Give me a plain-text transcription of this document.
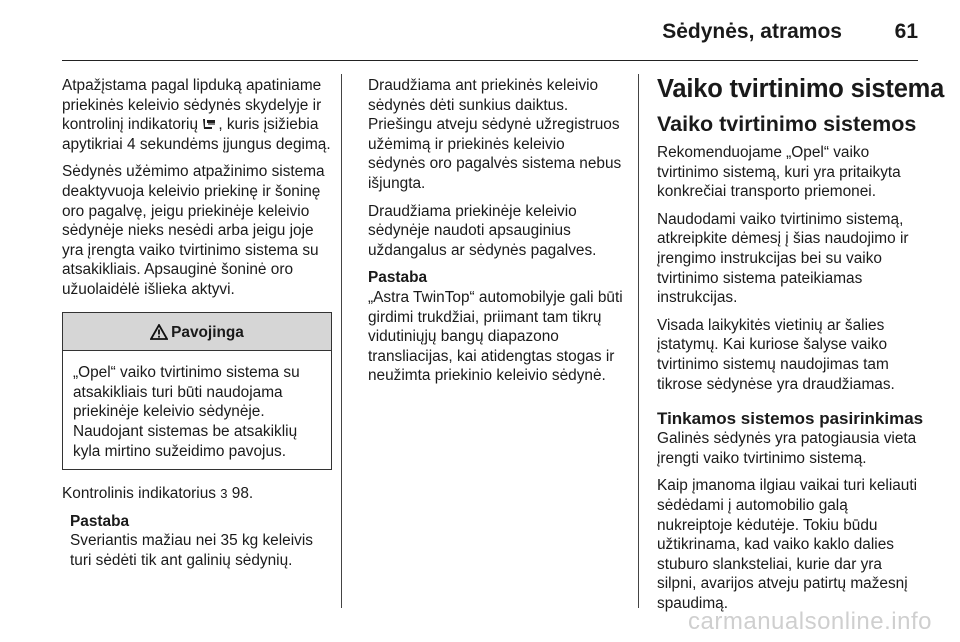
Sėdynės, atramos	61

Atpažįstama pagal lipduką apatiniame priekinės keleivio sėdynės skydelyje ir kontrolinį indikatorių , kuris įsižiebia apytikriai 4 sekundėms įjungus degimą.

Sėdynės užėmimo atpažinimo sistema deaktyvuoja keleivio priekinę ir šoninę oro pagalvę, jeigu priekinėje keleivio sėdynėje nieks nesėdi arba jeigu joje yra įrengta vaiko tvirtinimo sistema su atsakikliais. Apsauginė šoninė oro užuolaidėlė išlieka aktyvi.

Pavojinga
„Opel“ vaiko tvirtinimo sistema su atsakikliais turi būti naudojama priekinėje keleivio sėdynėje. Naudojant sistemas be atsakiklių kyla mirtino sužeidimo pavojus.

Kontrolinis indikatorius 3 98.

Pastaba
Sveriantis mažiau nei 35 kg keleivis turi sėdėti tik ant galinių sėdynių.

Draudžiama ant priekinės keleivio sėdynės dėti sunkius daiktus. Priešingu atveju sėdynė užregistruos užėmimą ir priekinės keleivio sėdynės oro pagalvės sistema nebus išjungta.

Draudžiama priekinėje keleivio sėdynėje naudoti apsauginius uždangalus ar sėdynės pagalves.

Pastaba
„Astra TwinTop“ automobilyje gali būti girdimi trukdžiai, priimant tam tikrų vidutiniųjų bangų diapazono transliacijas, kai atidengtas stogas ir neužimta priekinio keleivio sėdynė.
Vaiko tvirtinimo sistema
Vaiko tvirtinimo sistemos

Rekomenduojame „Opel“ vaiko tvirtinimo sistemą, kuri yra pritaikyta konkrečiai transporto priemonei.

Naudodami vaiko tvirtinimo sistemą, atkreipkite dėmesį į šias naudojimo ir įrengimo instrukcijas bei su vaiko tvirtinimo sistema pateikiamas instrukcijas.

Visada laikykitės vietinių ar šalies įstatymų. Kai kuriose šalyse vaiko tvirtinimo sistemų naudojimas tam tikrose sėdynėse yra draudžiamas.

Tinkamos sistemos pasirinkimas

Galinės sėdynės yra patogiausia vieta įrengti vaiko tvirtinimo sistemą.

Kaip įmanoma ilgiau vaikai turi keliauti sėdėdami į automobilio galą nukreiptoje kėdutėje. Tokiu būdu užtikrinama, kad vaiko kaklo dalies stuburo slanksteliai, kurie dar yra silpni, avarijos atveju patirtų mažesnį spaudimą.

carmanualsonline.info
